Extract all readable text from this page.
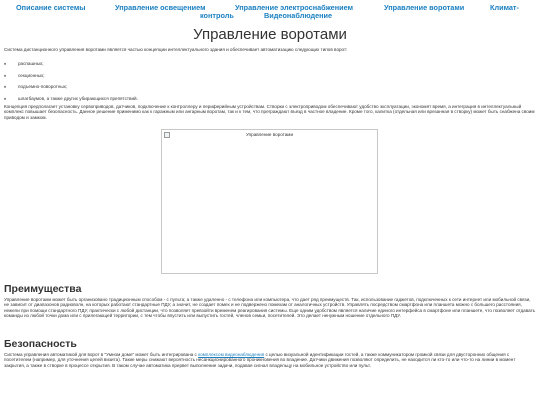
Описание системы	Управление освещением	Управление электроснабжением	Управление воротами	Климат-
контроль	Видеонаблюдение
Управление воротами

Система дистанционного управления воротами является частью концепции интеллектуального здания и обеспечивает автоматизацию следующих типов ворот:

♦ распашных;
♦ секционных;
♦ подъемно-поворотных;
♦ шлагбаумов, а также других убирающихся препятствий.

Концепция предполагает установку сервоприводов, датчиков, подключение к контроллеру и периферийным устройствам. Створки с электроприводом обеспечивают удобство эксплуатации, экономят время, а интеграция в интеллектуальный комплекс повышает безопасность. Данное решение применимо как к гаражным или ангарным воротам, так и к тем, что преграждают въезд в частное владение. Кроме того, калитка (отдельная или врезанная в створку) может быть снабжена своим приводом и замком.

Управление воротами
Преимущества

Управление воротами может быть организовано традиционным способом - с пульта; а также удаленно - с телефона или компьютера, что дает ряд преимуществ. Так, использование гаджетов, подключенных к сети интернет или мобильной связи, не зависит от диапазонов радиоволн, на которых работают стандартные ПДУ, а значит, не создает помех и не подвержено помехам от аналогичных устройств. Управлять посредством смартфона или планшета можно с большего расстояния, нежели при помощи стандартного ПДУ, практически с любой дистанции, что позволяет превзойти временем реагирования системы. Еще одним удобством является наличие единого интерфейса в смартфоне или планшете, что позволяет отдавать команды из любой точки дома или с прилегающей территории, с тем чтобы впустить или выпустить гостей, членов семьи, посетителей. Это делает ненужным ношение отдельного ПДУ.

Безопасность

Система управления автоматикой для ворот в "Умном доме" может быть интегрирована с комплексом видеонаблюдения с целью визуальной идентификации гостей, а также коммуникатором громкой связи для двусторонних общения с посетителем (например, для уточнения целей визита). Такие меры снижают вероятность несанкционированного проникновения во владение. Датчики движения позволяют определить, не находится ли кто-то или что-то на линии в момент закрытия, а также в створке в процессе открытия. В таком случае автоматика прервет выполнение задачи, подавая сигнал владельцу на мобильное устройство или пульт.
